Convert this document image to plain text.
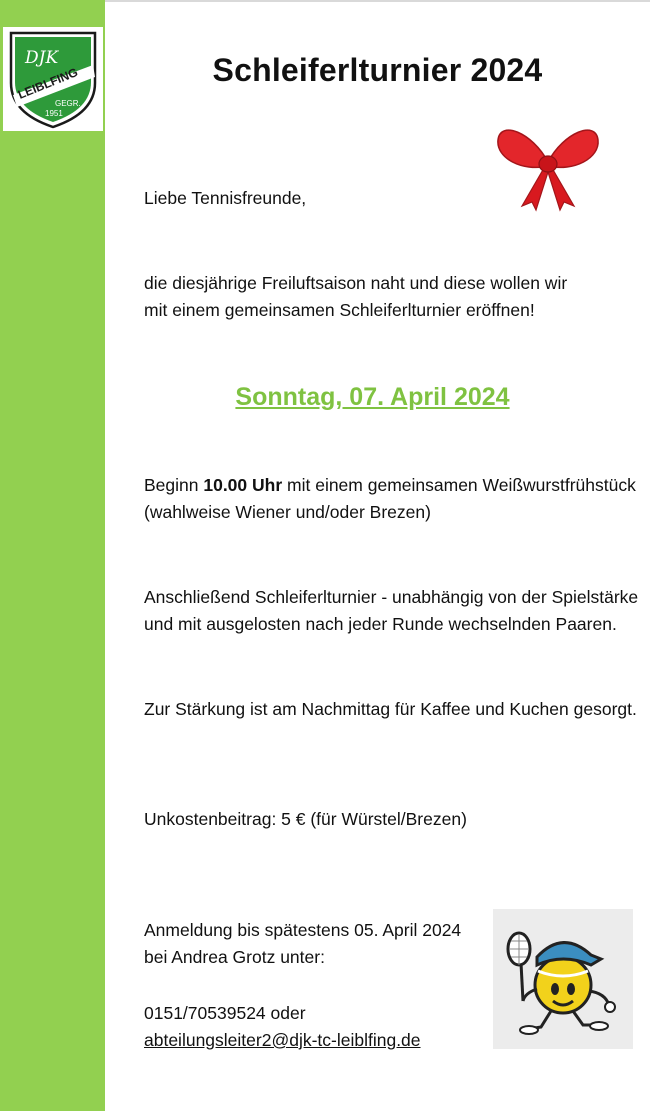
DJK
LEIBLFING
GEGR.
1951
Schleiferlturnier 2024
Liebe Tennisfreunde,
die diesjährige Freiluftsaison naht und diese wollen wir
mit einem gemeinsamen Schleiferlturnier eröffnen!
Sonntag, 07. April 2024
Beginn 10.00 Uhr mit einem gemeinsamen Weißwurstfrühstück
(wahlweise Wiener und/oder Brezen)
Anschließend Schleiferlturnier - unabhängig von der Spielstärke
und mit ausgelosten nach jeder Runde wechselnden Paaren.
Zur Stärkung ist am Nachmittag für Kaffee und Kuchen gesorgt.
Unkostenbeitrag: 5 € (für Würstel/Brezen)
Anmeldung bis spätestens 05. April 2024
bei Andrea Grotz unter:
0151/70539524 oder
abteilungsleiter2@djk-tc-leiblfing.de
